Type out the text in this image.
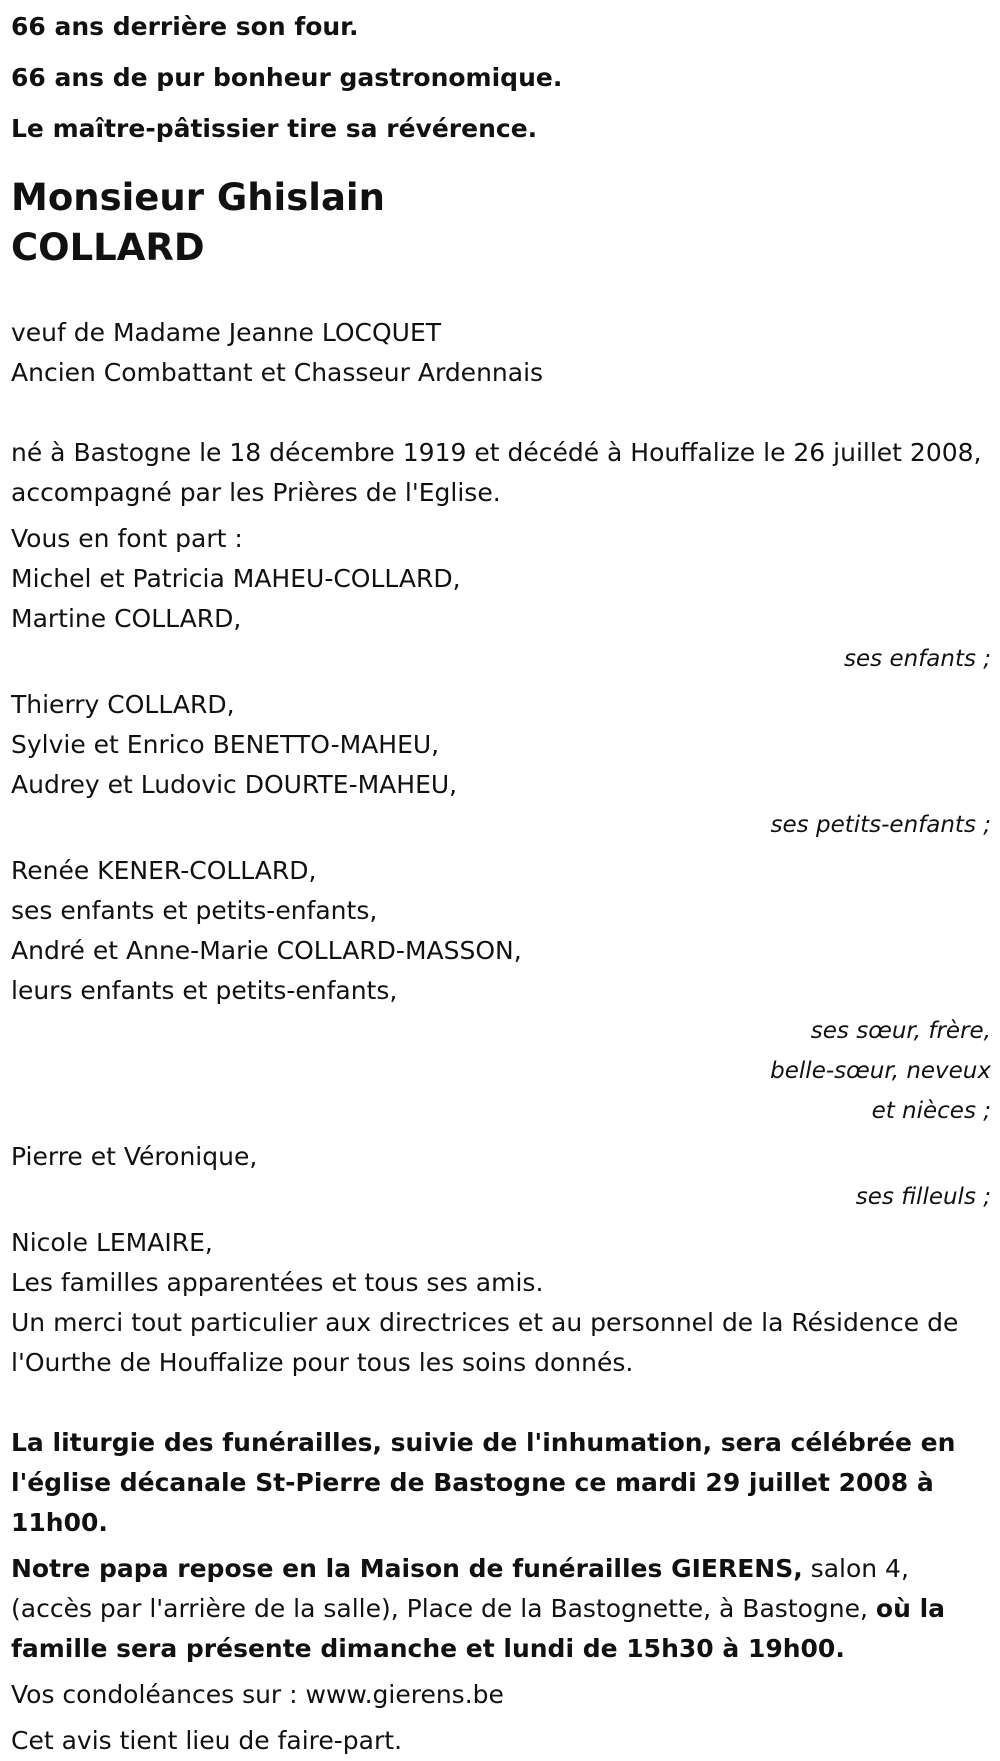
66 ans derrière son four.
66 ans de pur bonheur gastronomique.
Le maître-pâtissier tire sa révérence.
Monsieur Ghislain
COLLARD
veuf de Madame Jeanne LOCQUET
Ancien Combattant et Chasseur Ardennais
né à Bastogne le 18 décembre 1919 et décédé à Houffalize le 26 juillet 2008, accompagné par les Prières de l'Eglise.
Vous en font part :
Michel et Patricia MAHEU-COLLARD,
Martine COLLARD,
ses enfants ;
Thierry COLLARD,
Sylvie et Enrico BENETTO-MAHEU,
Audrey et Ludovic DOURTE-MAHEU,
ses petits-enfants ;
Renée KENER-COLLARD,
ses enfants et petits-enfants,
André et Anne-Marie COLLARD-MASSON,
leurs enfants et petits-enfants,
ses sœur, frère,
belle-sœur, neveux
et nièces ;
Pierre et Véronique,
ses filleuls ;
Nicole LEMAIRE,
Les familles apparentées et tous ses amis.
Un merci tout particulier aux directrices et au personnel de la Résidence de l'Ourthe de Houffalize pour tous les soins donnés.
La liturgie des funérailles, suivie de l'inhumation, sera célébrée en l'église décanale St-Pierre de Bastogne ce mardi 29 juillet 2008 à 11h00.
Notre papa repose en la Maison de funérailles GIERENS, salon 4, (accès par l'arrière de la salle), Place de la Bastognette, à Bastogne, où la famille sera présente dimanche et lundi de 15h30 à 19h00.
Vos condoléances sur : www.gierens.be
Cet avis tient lieu de faire-part.
